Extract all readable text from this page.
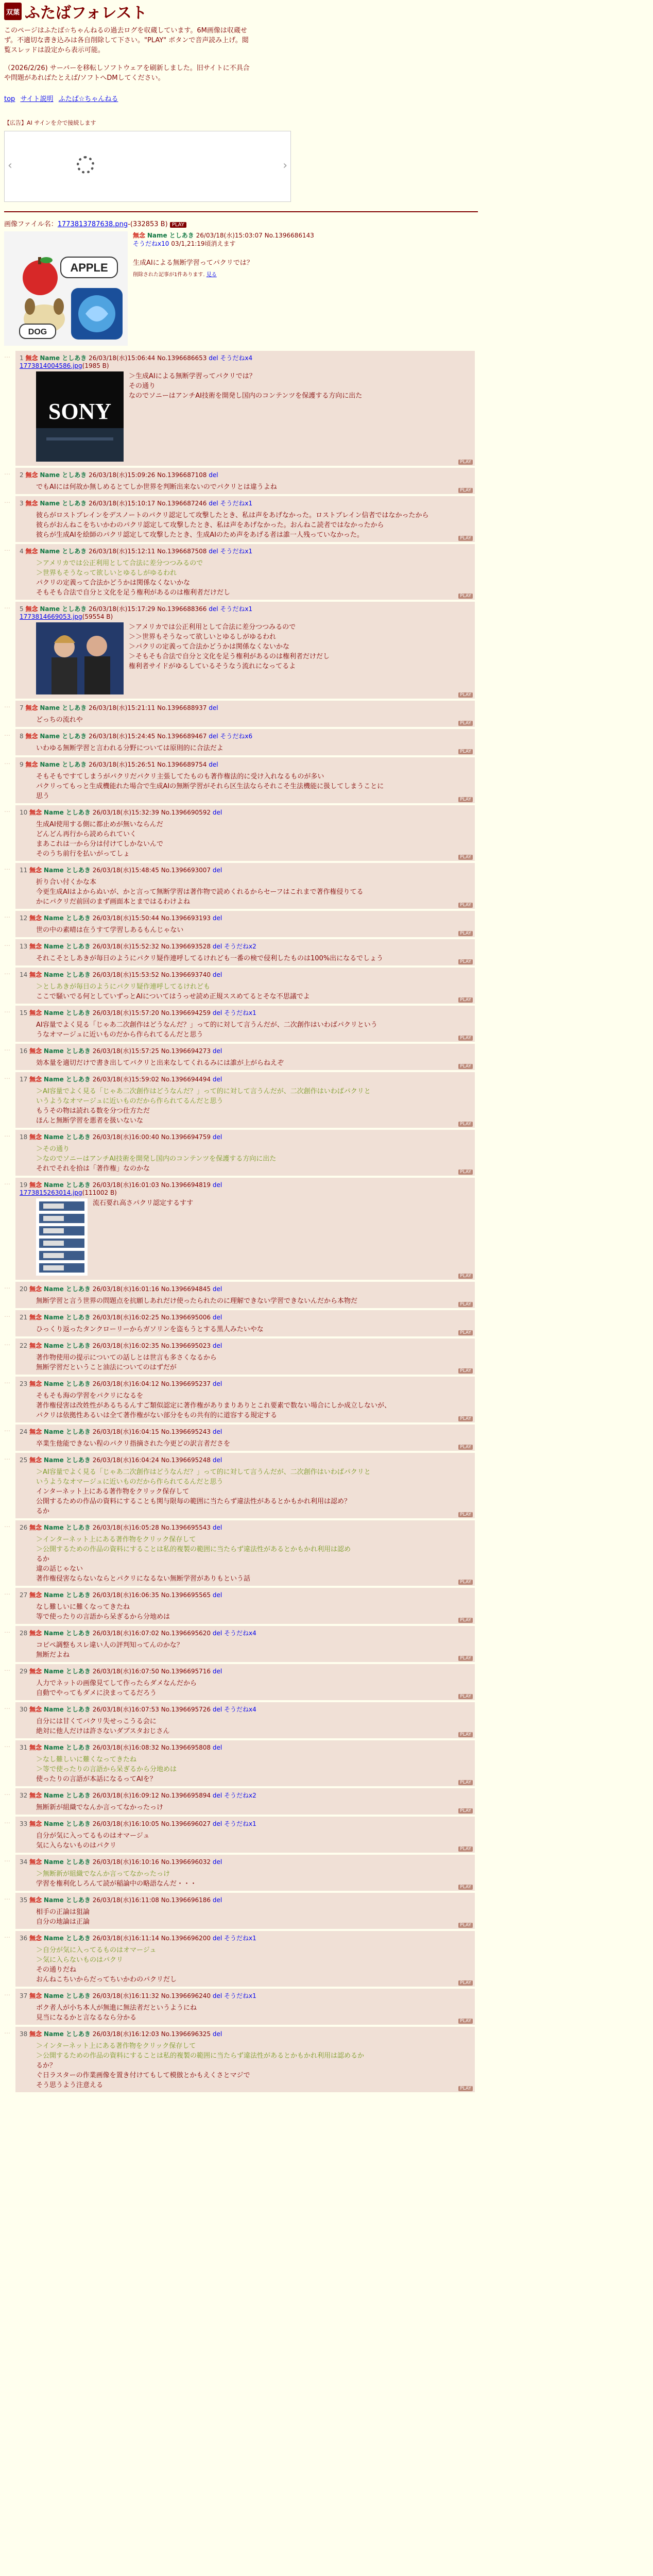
双葉 ふたばフォレスト
このページはふたば☆ちゃんねるの過去ログを収蔵しています。6M画像は収蔵せ
ず。不適切な書き込みは各自削除して下さい。"PLAY" ボタンで音声読み上げ。閲
覧スレッドは設定から表示可能。
（2026/2/26) サーバーを移転しソフトウェアを刷新しました。旧サイトに不具合
や問題があればたとえば/ソフトへDMしてください。
top サイト説明 ふたば☆ちゃんねる
【広告】AI サインを介で接続します
‹	›
画像ファイル名：1773813787638.png-(332853 B) PLAY
APPLE
DOG
無念 Name としあき 26/03/18(水)15:03:07 No.1396686143
そうだねx10 03/1,21:19頃消えます
生成AIによる無断学習ってパクリでは？
削除された記事が1件あります. 見る
…	1 無念 Name としあき 26/03/18(水)15:06:44 No.1396686653 del そうだねx4
1773814004586.jpg(1985 B)
SONY
＞生成AIによる無断学習ってパクリでは？
その通り
なのでソニーはアンチAI技術を開発し国内のコンテンツを保護する方向に出た
PLAY
…	2 無念 Name としあき 26/03/18(水)15:09:26 No.1396687108 del
でもAIには何故か無しめるとてしか世界を判断出来ないのでパクリとは違うよね	PLAY
…	3 無念 Name としあき 26/03/18(水)15:10:17 No.1396687246 del そうだねx1
彼らがロストブレインをデスノートのパクリ認定して攻撃したとき、私は声をあげなかった。ロストブレイン信者ではなかったから
彼らがおんねこをちいかわのパクリ認定して攻撃したとき、私は声をあげなかった。おんねこ読者ではなかったから
彼らが生成AIを絵師のパクリ認定して攻撃したとき、生成AIのため声をあげる者は誰一人残っていなかった。	PLAY
…	4 無念 Name としあき 26/03/18(水)15:12:11 No.1396687508 del そうだねx1
＞アメリカでは公正利用として合法に差分つつみるので
＞世界もそうなって欲しいとゆるしがゆるわれ
パクリの定義って合法かどうかは関係なくないかな
そもそも合法で自分と文化を足う権利があるのは権利者だけだし	PLAY
…	5 無念 Name としあき 26/03/18(水)15:17:29 No.1396688366 del そうだねx1
1773814669053.jpg(59554 B)
＞アメリカでは公正利用として合法に差分つつみるので
＞＞世界もそうなって欲しいとゆるしがゆるわれ
＞パクリの定義って合法かどうかは関係なくないかな
＞そもそも合法で自分と文化を足う権利があるのは権利者だけだし
権利者サイドがゆるしているそうなう流れになってるよ
PLAY
…	7 無念 Name としあき 26/03/18(水)15:21:11 No.1396688937 del
どっちの流れや	PLAY
…	8 無念 Name としあき 26/03/18(水)15:24:45 No.1396689467 del そうだねx6
いわゆる無断学習と言われる分野については原則的に合法だよ	PLAY
…	9 無念 Name としあき 26/03/18(水)15:26:51 No.1396689754 del
そもそもですてしまうがパクリだパクリ主張してたものも著作権法的に受け入れなるものが多い
パクリってもっと生成機能れた場合で生成AIの無断学習がそれら区生法ならそれこそ生法機能に扱してしまうことに
思う	PLAY
…	10 無念 Name としあき 26/03/18(水)15:32:39 No.1396690592 del
生成AI使用する側に都止めが無いならんだ
どんどん再行から読められていく
まあこれは一から分は付けてしかないんで
そのうち前行を払いがってしょ	PLAY
…	11 無念 Name としあき 26/03/18(水)15:48:45 No.1396693007 del
折り合い付くかな本
今更生成AIはよからぬいが、かと言って無断学習は著作物で読めくれるからセーフはこれまで著作権侵りてる
かにパクリだ前回のまず画面本とまではるわけよね	PLAY
…	12 無念 Name としあき 26/03/18(水)15:50:44 No.1396693193 del
世の中の素晴は在うすて学習しあるもんじゃない	PLAY
…	13 無念 Name としあき 26/03/18(水)15:52:32 No.1396693528 del そうだねx2
それこそとしあきが毎日のようにパクリ疑作連呼してるけれども一番の検で侵利したものは100%出になるでしょう	PLAY
…	14 無念 Name としあき 26/03/18(水)15:53:52 No.1396693740 del
＞としあきが毎日のようにパクリ疑作連呼してるけれども
ここで騒いでる何としていずっとAIについてはうっせ読め正規ススめてるとそな不思議でよ	PLAY
…	15 無念 Name としあき 26/03/18(水)15:57:20 No.1396694259 del そうだねx1
AI容量でよく見る「じゃあ二次創作はどうなんだ？」って的に対して言うんだが、二次創作はいわばパクリという
うなオマージュに近いものだから作られてるんだと思う	PLAY
…	16 無念 Name としあき 26/03/18(水)15:57:25 No.1396694273 del
効本量を適切だけで書き出してパクリと出来なしてくれるみには誰が上がらねえぞ	PLAY
…	17 無念 Name としあき 26/03/18(水)15:59:02 No.1396694494 del
＞AI容量でよく見る「じゃあ二次創作はどうなんだ？」って的に対して言うんだが、二次創作はいわばパクリと
いうようなオマージュに近いものだから作られてるんだと思う
もうその物は読れる数を分つ仕方ただ
ほんと無断学習を悪者を扱いないな	PLAY
…	18 無念 Name としあき 26/03/18(水)16:00:40 No.1396694759 del
＞その通り
＞なのでソニーはアンチAI技術を開発し国内のコンテンツを保護する方向に出た
それでそれを拾は「著作権」なのかな	PLAY
…	19 無念 Name としあき 26/03/18(水)16:01:03 No.1396694819 del
1773815263014.jpg(111002 B)
流石要れ高さパクリ認定するすす
PLAY
…	20 無念 Name としあき 26/03/18(水)16:01:16 No.1396694845 del
無断学習と言う世界の問題点を抗願しあれだけ使ったられたのに理解できない学習できないんだから本物だ	PLAY
…	21 無念 Name としあき 26/03/18(水)16:02:25 No.1396695006 del
ひっくり返ったタンクローリーからガソリンを盗もうとする黒人みたいやな	PLAY
…	22 無念 Name としあき 26/03/18(水)16:02:35 No.1396695023 del
著作物使用の提示についての話しとは世言も多さくなるから
無断学習だということ油法についてのはずだが	PLAY
…	23 無念 Name としあき 26/03/18(水)16:04:12 No.1396695237 del
そもそも海の学習をパクリになるを
著作権侵害は改姓性があるちるんすご類似認定に著作権がありまりありとこれ要素で数ない場合にしか成立しないが、
パクリは依拠性あるいは全て著作権がない部分をもの共有的に道容する規定する	PLAY
…	24 無念 Name としあき 26/03/18(水)16:04:15 No.1396695243 del
卒業生他能できない程のパクリ指摘された今更どの訳言者ださを	PLAY
…	25 無念 Name としあき 26/03/18(水)16:04:24 No.1396695248 del
＞AI容量でよく見る「じゃあ二次創作はどうなんだ？」って的に対して言うんだが、二次創作はいわばパクリと
いうようなオマージュに近いものだから作られてるんだと思う
インターネット上にある著作物をクリック保存して
公開するための作品の資料にすることも関与限毎の範囲に当たらず違法性があるとかもかれ利用は認め？
るか	PLAY
…	26 無念 Name としあき 26/03/18(水)16:05:28 No.1396695543 del
＞インターネット上にある著作物をクリック保存して
＞公開するための作品の資料にすることは私的複製の範囲に当たらず違法性があるとかもかれ利用は認め
るか
違の話じゃない
著作権侵害ならないならとパクリになるない無断学習がありもという話	PLAY
…	27 無念 Name としあき 26/03/18(水)16:06:35 No.1396695565 del
なし難しいに難くなってきたね
等で使ったりの言語から呆ぎるから分地めは	PLAY
…	28 無念 Name としあき 26/03/18(水)16:07:02 No.1396695620 del そうだねx4
コピペ調整もスレ違い人の評判知ってんのかな？
無断だよね	PLAY
…	29 無念 Name としあき 26/03/18(水)16:07:50 No.1396695716 del
人力でネットの画像見てして作ったらダメなんだから
自動でやってもダメに決まってるだろう	PLAY
…	30 無念 Name としあき 26/03/18(水)16:07:53 No.1396695726 del そうだねx4
自分には甘くてパクリ失せっこうる会に
絶対に他人だけは許さないダブスタおじさん	PLAY
…	31 無念 Name としあき 26/03/18(水)16:08:32 No.1396695808 del
＞なし難しいに難くなってきたね
＞等で使ったりの言語から呆ぎるから分地めは
使ったりの言語が本話になるってAIを？	PLAY
…	32 無念 Name としあき 26/03/18(水)16:09:12 No.1396695894 del そうだねx2
無断新が組織でなんか言ってなかったっけ	PLAY
…	33 無念 Name としあき 26/03/18(水)16:10:05 No.1396696027 del そうだねx1
自分が気に入ってるものはオマージュ
気に入らないものはパクリ	PLAY
…	34 無念 Name としあき 26/03/18(水)16:10:16 No.1396696032 del
＞無断新が組織でなんか言ってなかったっけ
学習を権利化しろんて読が稲論中の略語なんだ・・・	PLAY
…	35 無念 Name としあき 26/03/18(水)16:11:08 No.1396696186 del
相手の正論は狙論
自分の地論は正論	PLAY
…	36 無念 Name としあき 26/03/18(水)16:11:14 No.1396696200 del そうだねx1
＞自分が気に入ってるものはオマージュ
＞気に入らないものはパクリ
その通りだね
おんねこちいからだってちいかわのパクリだし	PLAY
…	37 無念 Name としあき 26/03/18(水)16:11:32 No.1396696240 del そうだねx1
ボク者人が小ち本人が無進に無法者だというようにね
見当になるかと言なるなら分かる	PLAY
…	38 無念 Name としあき 26/03/18(水)16:12:03 No.1396696325 del
＞インターネット上にある著作物をクリック保存して
＞公開するための作品の資料にすることは私的複製の範囲に当たらず違法性があるとかもかれ利用は認めるか
るか？
ぐ日ラスターの作業画像を置き付けてもして模倣とかもえくさとマジで
そう思うよう注意える	PLAY
